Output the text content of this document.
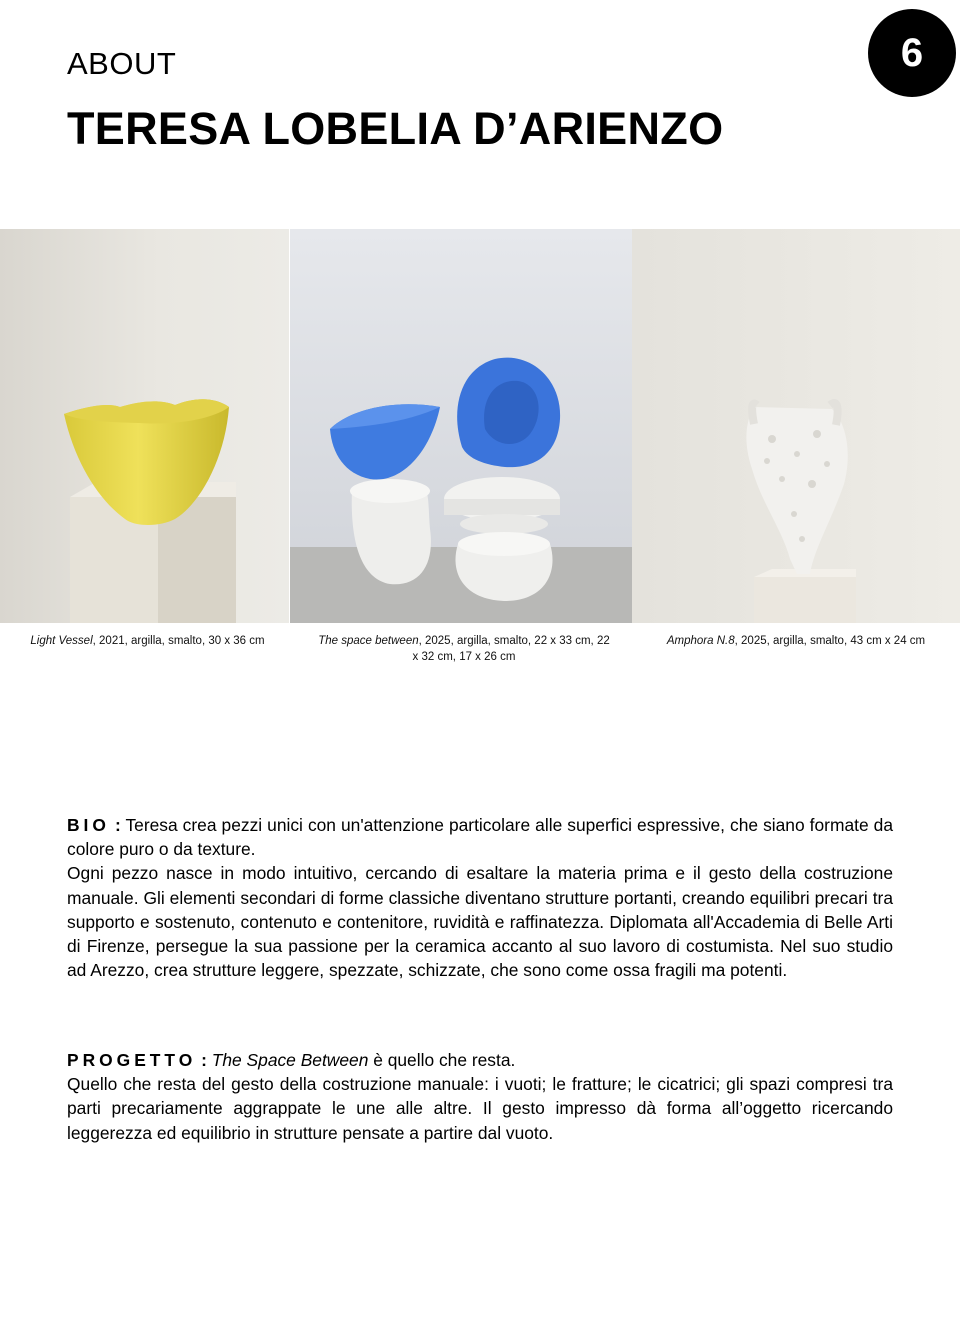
ABOUT
TERESA LOBELIA D’ARIENZO
6
Light Vessel, 2021, argilla, smalto, 30 x 36 cm	The space between, 2025, argilla, smalto, 22 x 33 cm, 22 x 32 cm, 17 x 26 cm
Amphora N.8, 2025, argilla, smalto, 43 cm x 24 cm

BIO : Teresa crea pezzi unici con un'attenzione particolare alle superfici espressive, che siano formate da colore puro o da texture.

Ogni pezzo nasce in modo intuitivo, cercando di esaltare la materia prima e il gesto della costruzione manuale. Gli elementi secondari di forme classiche diventano strutture portanti, creando equilibri precari tra supporto e sostenuto, contenuto e contenitore, ruvidità e raffinatezza. Diplomata all'Accademia di Belle Arti di Firenze, persegue la sua passione per la ceramica accanto al suo lavoro di costumista. Nel suo studio ad Arezzo, crea strutture leggere, spezzate, schizzate, che sono come ossa fragili ma potenti.

PROGETTO : The Space Between è quello che resta.

Quello che resta del gesto della costruzione manuale: i vuoti; le fratture; le cicatrici; gli spazi compresi tra parti precariamente aggrappate le une alle altre. Il gesto impresso dà forma all’oggetto ricercando leggerezza ed equilibrio in strutture pensate a partire dal vuoto.
